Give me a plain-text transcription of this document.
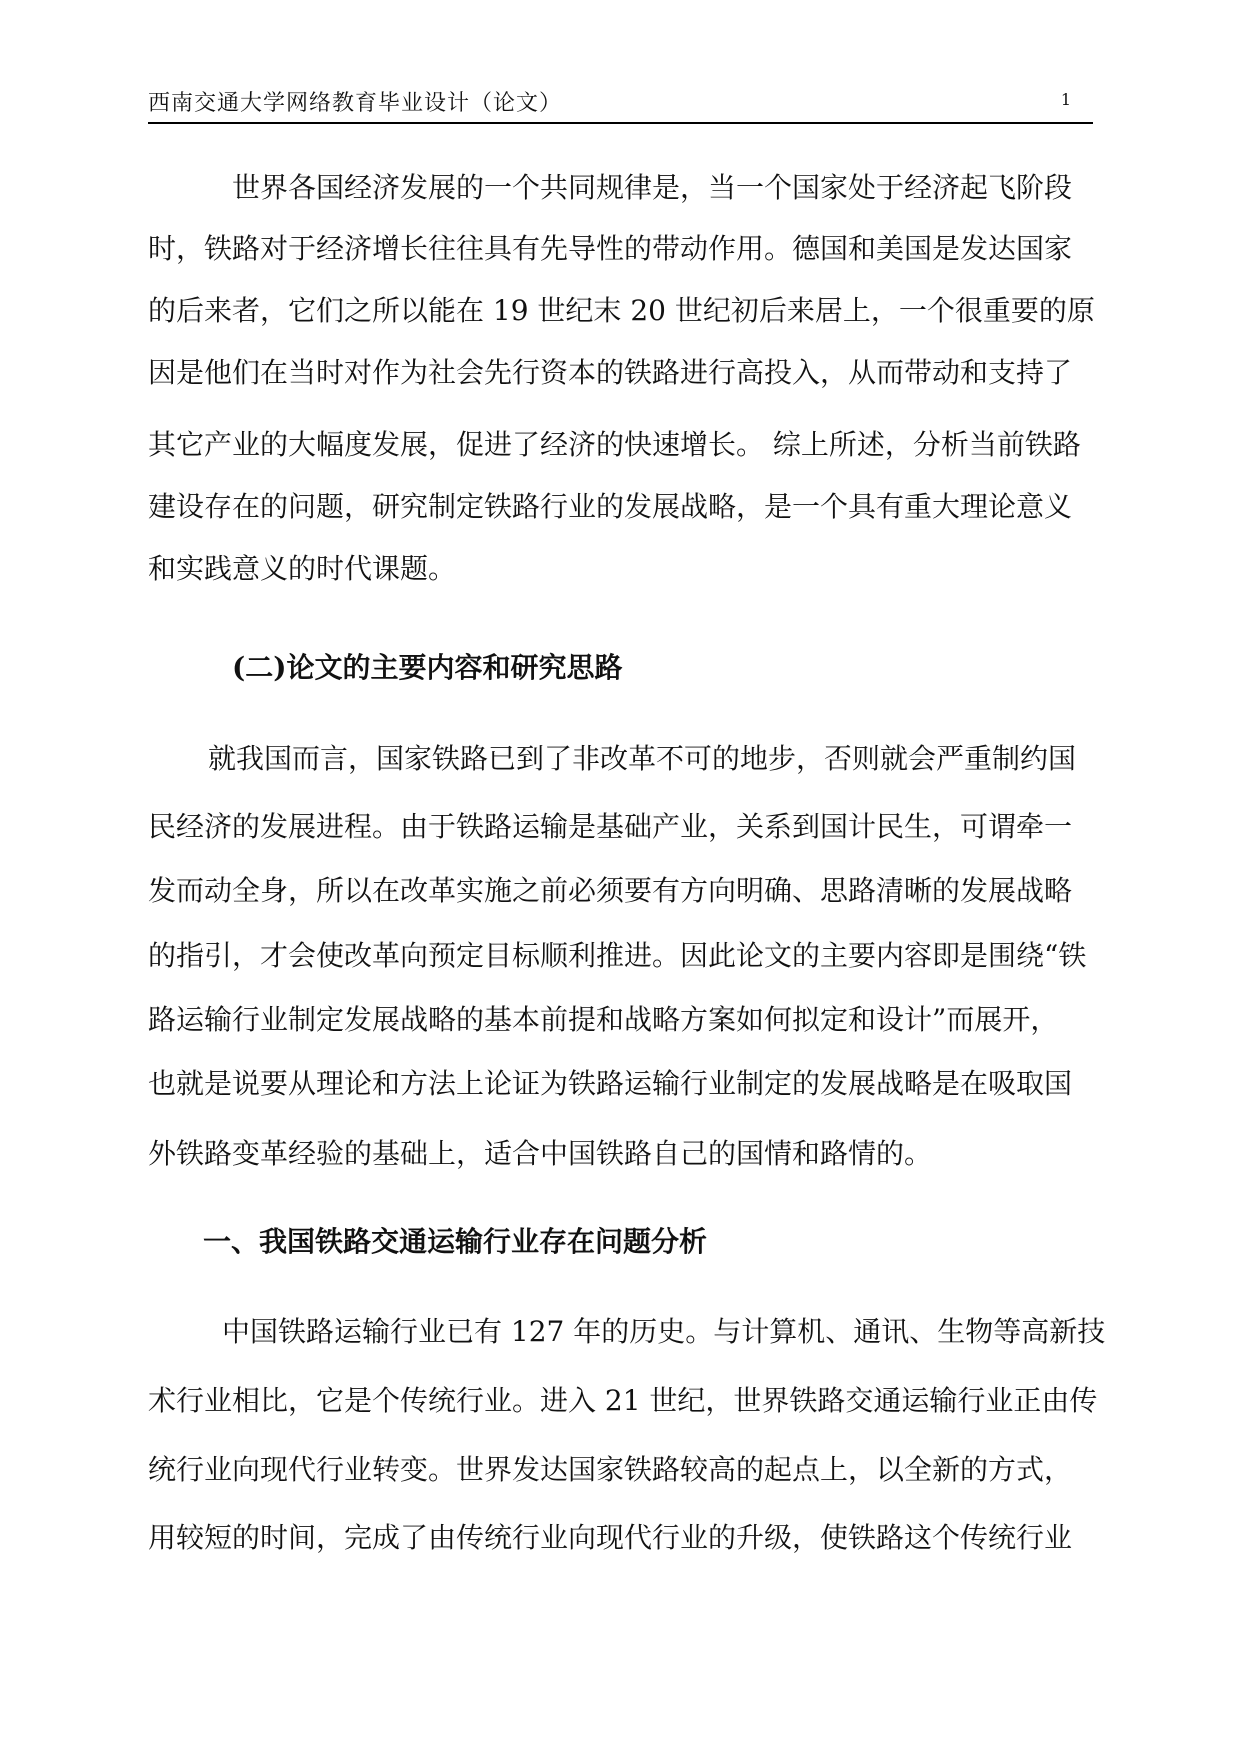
西南交通大学网络教育毕业设计（论文）	1
世界各国经济发展的一个共同规律是，当一个国家处于经济起飞阶段
时，铁路对于经济增长往往具有先导性的带动作用。德国和美国是发达国家
的后来者，它们之所以能在 19 世纪末 20 世纪初后来居上，一个很重要的原
因是他们在当时对作为社会先行资本的铁路进行高投入，从而带动和支持了
其它产业的大幅度发展，促进了经济的快速增长。 综上所述，分析当前铁路
建设存在的问题，研究制定铁路行业的发展战略，是一个具有重大理论意义
和实践意义的时代课题。
(二)论文的主要内容和研究思路
就我国而言，国家铁路已到了非改革不可的地步，否则就会严重制约国
民经济的发展进程。由于铁路运输是基础产业，关系到国计民生，可谓牵一
发而动全身，所以在改革实施之前必须要有方向明确、思路清晰的发展战略
的指引，才会使改革向预定目标顺利推进。因此论文的主要内容即是围绕“铁
路运输行业制定发展战略的基本前提和战略方案如何拟定和设计”而展开，
也就是说要从理论和方法上论证为铁路运输行业制定的发展战略是在吸取国
外铁路变革经验的基础上，适合中国铁路自己的国情和路情的。
一、我国铁路交通运输行业存在问题分析
中国铁路运输行业已有 127 年的历史。与计算机、通讯、生物等高新技
术行业相比，它是个传统行业。进入 21 世纪，世界铁路交通运输行业正由传
统行业向现代行业转变。世界发达国家铁路较高的起点上，以全新的方式，
用较短的时间，完成了由传统行业向现代行业的升级，使铁路这个传统行业
